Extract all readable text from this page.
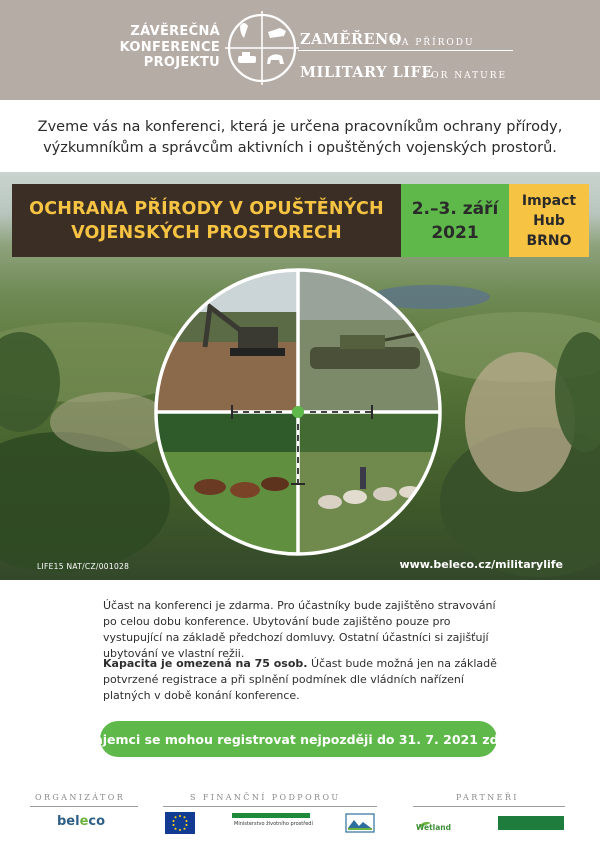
ZÁVĚREČNÁ
KONFERENCE
PROJEKTU
ZAMĚŘENO
NA PŘÍRODU
MILITARY LIFE
FOR NATURE
Zveme vás na konferenci, která je určena pracovníkům ochrany přírody,
výzkumníkům a správcům aktivních i opuštěných vojenských prostorů.
OCHRANA PŘÍRODY V OPUŠTĚNÝCH
VOJENSKÝCH PROSTORECH
2.–3. září
2021
Impact
Hub
BRNO
LIFE15 NAT/CZ/001028	www.beleco.cz/militarylife
Účast na konferenci je zdarma. Pro účastníky bude zajištěno stravování po celou dobu konference. Ubytování bude zajištěno pouze pro vystupující na základě předchozí domluvy. Ostatní účastníci si zajišťují ubytování ve vlastní režii.
Kapacita je omezená na 75 osob. Účast bude možná jen na základě potvrzené registrace a při splnění podmínek dle vládních nařízení platných v době konání konference.
Zájemci se mohou registrovat nejpozději do 31. 7. 2021 zde.
ORGANIZÁTOR	S FINANČNÍ PODPOROU	PARTNEŘI
beleco	Ministerstvo životního prostředí	Wetland
